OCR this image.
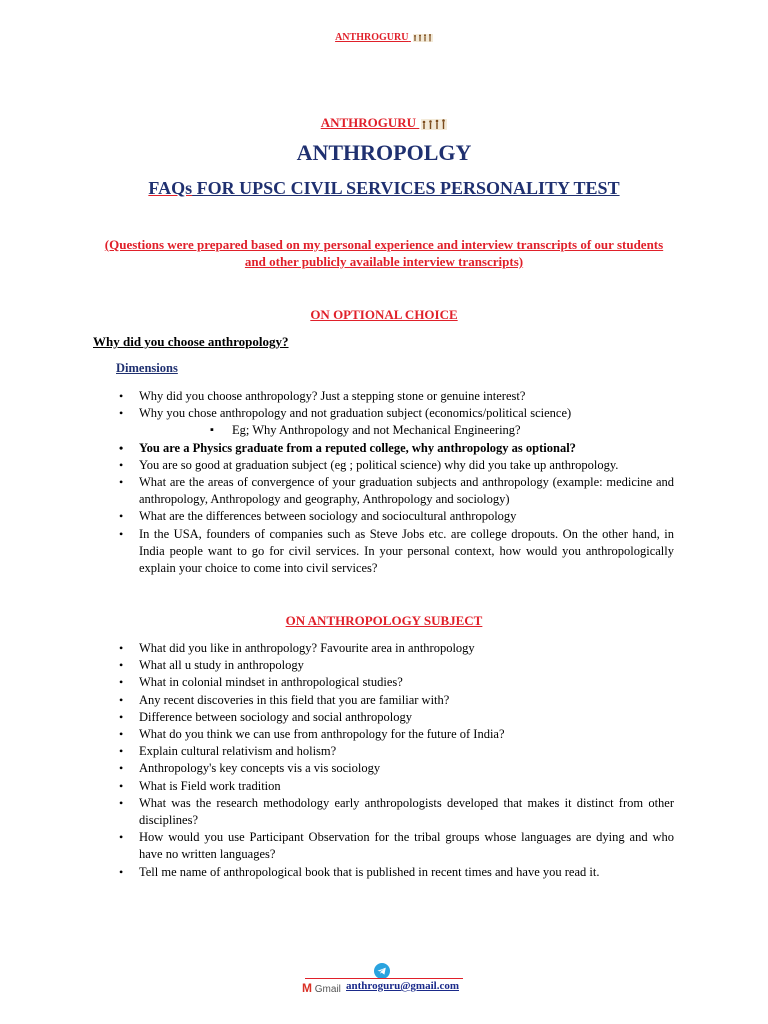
ANTHROGURU
ANTHROGURU
ANTHROPOLGY
FAQs FOR UPSC CIVIL SERVICES PERSONALITY TEST
(Questions were prepared based on my personal experience and interview transcripts of our students and other publicly available interview transcripts)
ON OPTIONAL CHOICE
Why did you choose anthropology?
Dimensions
• Why did you choose anthropology? Just a stepping stone or genuine interest?
• Why you chose anthropology and not graduation subject (economics/political science)
▪ Eg; Why Anthropology and not Mechanical Engineering?
• You are a Physics graduate from a reputed college, why anthropology as optional?
• You are so good at graduation subject (eg ; political science) why did you take up anthropology.
• What are the areas of convergence of your graduation subjects and anthropology (example: medicine and anthropology, Anthropology and geography, Anthropology and sociology)
• What are the differences between sociology and sociocultural anthropology
• In the USA, founders of companies such as Steve Jobs etc. are college dropouts. On the other hand, in India people want to go for civil services. In your personal context, how would you anthropologically explain your choice to come into civil services?
ON ANTHROPOLOGY SUBJECT
• What did you like in anthropology? Favourite area in anthropology
• What all u study in anthropology
• What in colonial mindset in anthropological studies?
• Any recent discoveries in this field that you are familiar with?
• Difference between sociology and social anthropology
• What do you think we can use from anthropology for the future of India?
• Explain cultural relativism and holism?
• Anthropology's key concepts vis a vis sociology
• What is Field work tradition
• What was the research methodology early anthropologists developed that makes it distinct from other disciplines?
• How would you use Participant Observation for the tribal groups whose languages are dying and who have no written languages?
• Tell me name of anthropological book that is published in recent times and have you read it.
M Gmail anthroguru@gmail.com
